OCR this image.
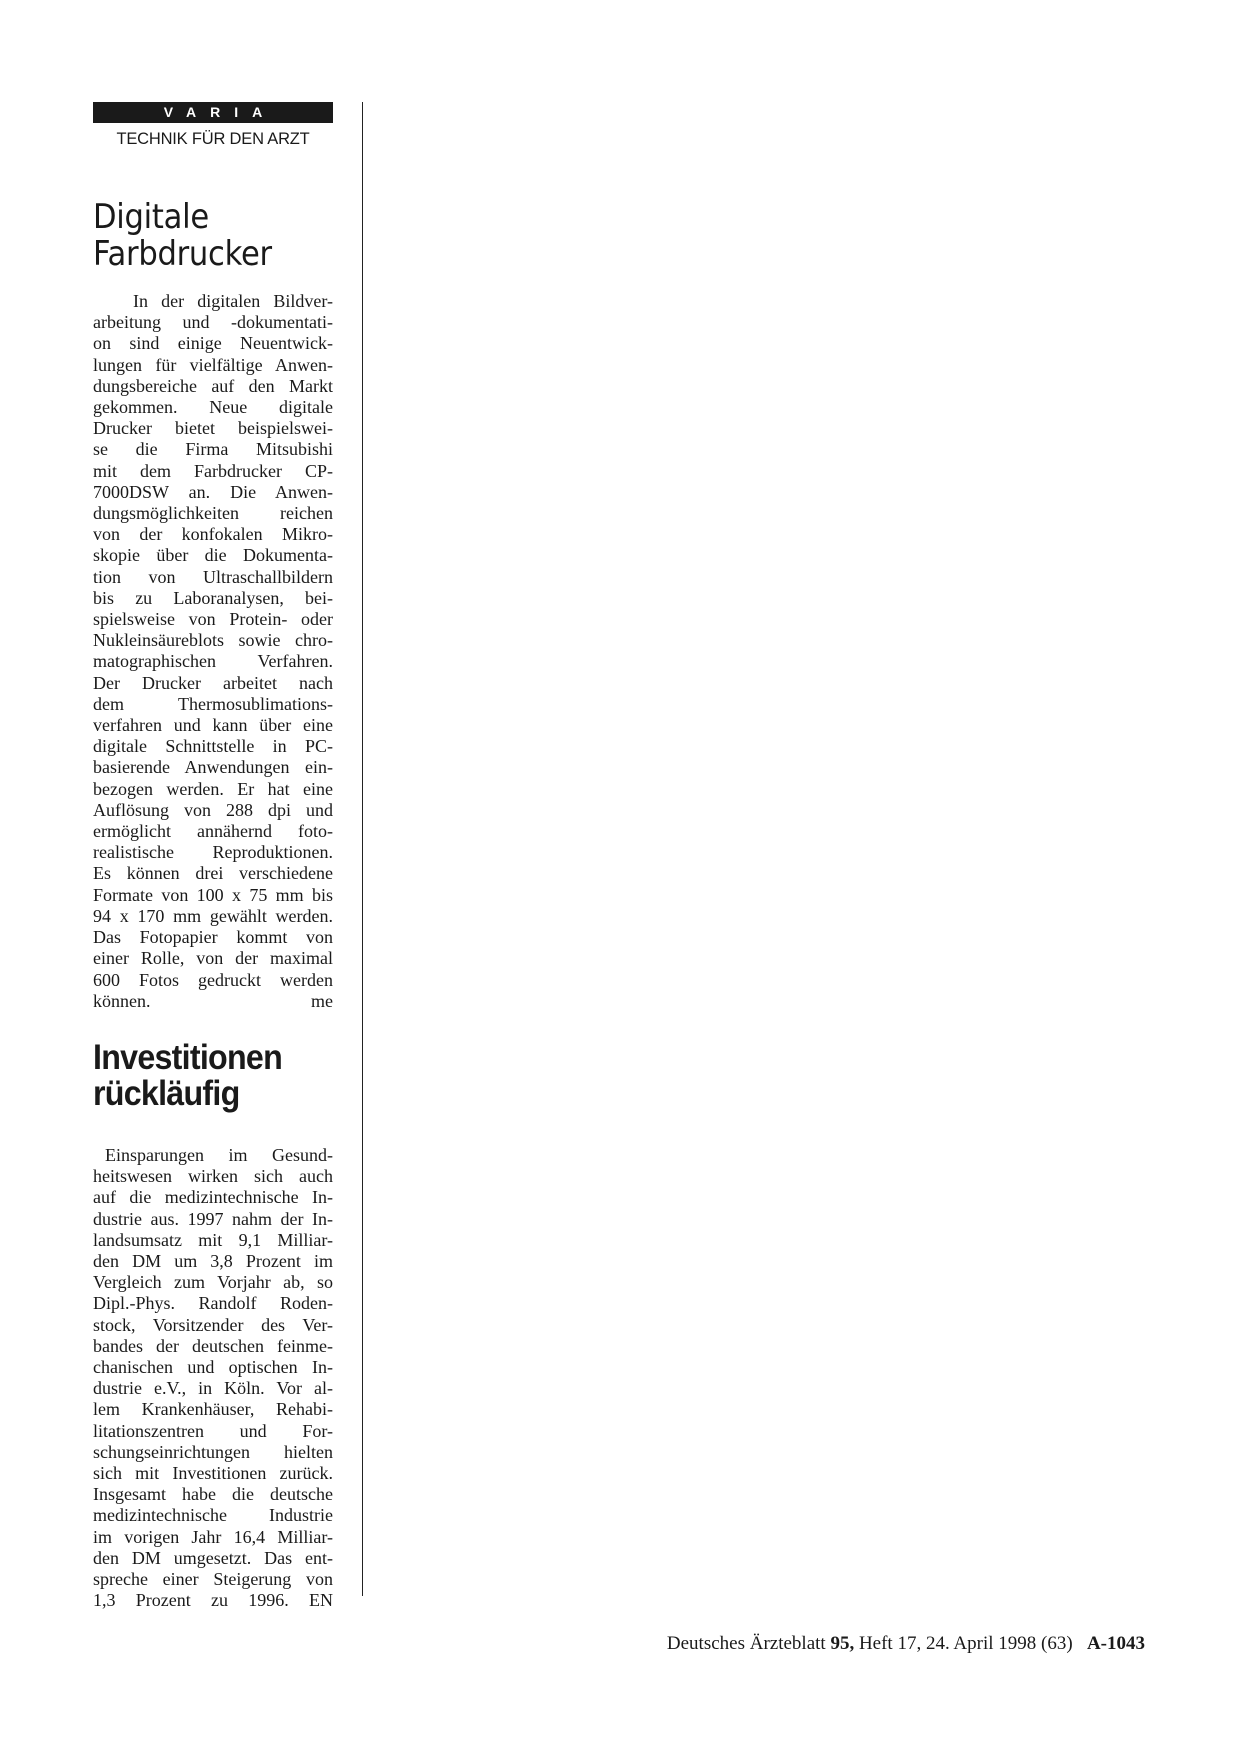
VARIA
TECHNIK FÜR DEN ARZT
Digitale
Farbdrucker
In der digitalen Bildver-
arbeitung und -dokumentati-
on sind einige Neuentwick-
lungen für vielfältige Anwen-
dungsbereiche auf den Markt
gekommen. Neue digitale
Drucker bietet beispielswei-
se die Firma Mitsubishi
mit dem Farbdrucker CP-
7000DSW an. Die Anwen-
dungsmöglichkeiten reichen
von der konfokalen Mikro-
skopie über die Dokumenta-
tion von Ultraschallbildern
bis zu Laboranalysen, bei-
spielsweise von Protein- oder
Nukleinsäureblots sowie chro-
matographischen Verfahren.
Der Drucker arbeitet nach
dem Thermosublimations-
verfahren und kann über eine
digitale Schnittstelle in PC-
basierende Anwendungen ein-
bezogen werden. Er hat eine
Auflösung von 288 dpi und
ermöglicht annähernd foto-
realistische Reproduktionen.
Es können drei verschiedene
Formate von 100 x 75 mm bis
94 x 170 mm gewählt werden.
Das Fotopapier kommt von
einer Rolle, von der maximal
600 Fotos gedruckt werden
können. me
Investitionen
rückläufig
Einsparungen im Gesund-
heitswesen wirken sich auch
auf die medizintechnische In-
dustrie aus. 1997 nahm der In-
landsumsatz mit 9,1 Milliar-
den DM um 3,8 Prozent im
Vergleich zum Vorjahr ab, so
Dipl.-Phys. Randolf Roden-
stock, Vorsitzender des Ver-
bandes der deutschen feinme-
chanischen und optischen In-
dustrie e.V., in Köln. Vor al-
lem Krankenhäuser, Rehabi-
litationszentren und For-
schungseinrichtungen hielten
sich mit Investitionen zurück.
Insgesamt habe die deutsche
medizintechnische Industrie
im vorigen Jahr 16,4 Milliar-
den DM umgesetzt. Das ent-
spreche einer Steigerung von
1,3 Prozent zu 1996. EN
Deutsches Ärzteblatt 95, Heft 17, 24. April 1998 (63) A-1043
